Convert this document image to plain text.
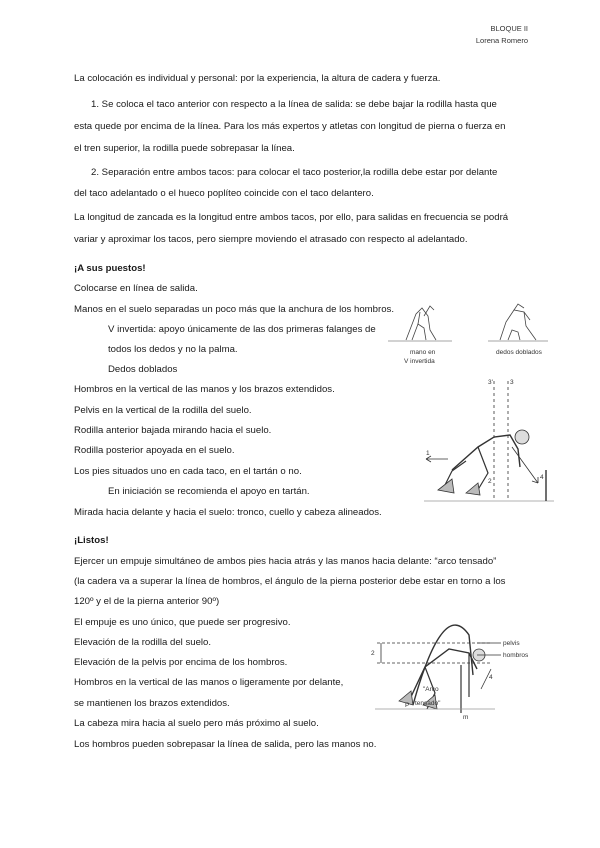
BLOQUE II
Lorena Romero
La colocación es individual y personal: por la experiencia, la altura de cadera y fuerza.
1. Se coloca el taco anterior con respecto a la línea de salida: se debe bajar la rodilla hasta que
esta quede por encima de la línea. Para los más expertos y atletas con longitud de pierna o fuerza en
el tren superior, la rodilla puede sobrepasar la línea.
2. Separación entre ambos tacos: para colocar el taco posterior,la rodilla debe estar por delante
del taco adelantado o el hueco poplíteo coincide con el taco delantero.
La longitud de zancada es la longitud entre ambos tacos, por ello, para salidas en frecuencia se podrá
variar y aproximar los tacos, pero siempre moviendo el atrasado con respecto al adelantado.
¡A sus puestos!
Colocarse en línea de salida.
Manos en el suelo separadas un poco más que la anchura de los hombros.
V invertida: apoyo únicamente de las dos primeras falanges de
todos los dedos y no la palma.
Dedos doblados
Hombros en la vertical de las manos y los brazos extendidos.
Pelvis en la vertical de la rodilla del suelo.
Rodilla anterior bajada mirando hacia el suelo.
Rodilla posterior apoyada en el suelo.
Los pies situados uno en cada taco, en el tartán o no.
En iniciación se recomienda el apoyo en tartán.
Mirada hacia delante y hacia el suelo: tronco, cuello y cabeza alineados.
¡Listos!
Ejercer un empuje simultáneo de ambos pies hacia atrás y las manos hacia delante: “arco tensado”
(la cadera va a superar la línea de hombros, el ángulo de la pierna posterior debe estar en torno a los
120º y el de la pierna anterior 90º)
El empuje es uno único, que puede ser progresivo.
Elevación de la rodilla del suelo.
Elevación de la pelvis por encima de los hombros.
Hombros en la vertical de las manos o ligeramente por delante,
se mantienen los brazos extendidos.
La cabeza mira hacia al suelo pero más próximo al suelo.
Los hombros pueden sobrepasar la línea de salida, pero las manos no.
mano en
V invertida
dedos doblados
3'	3
1
2
4
pelvis
hombros
2
4
"Arco
tensado"
P
m
